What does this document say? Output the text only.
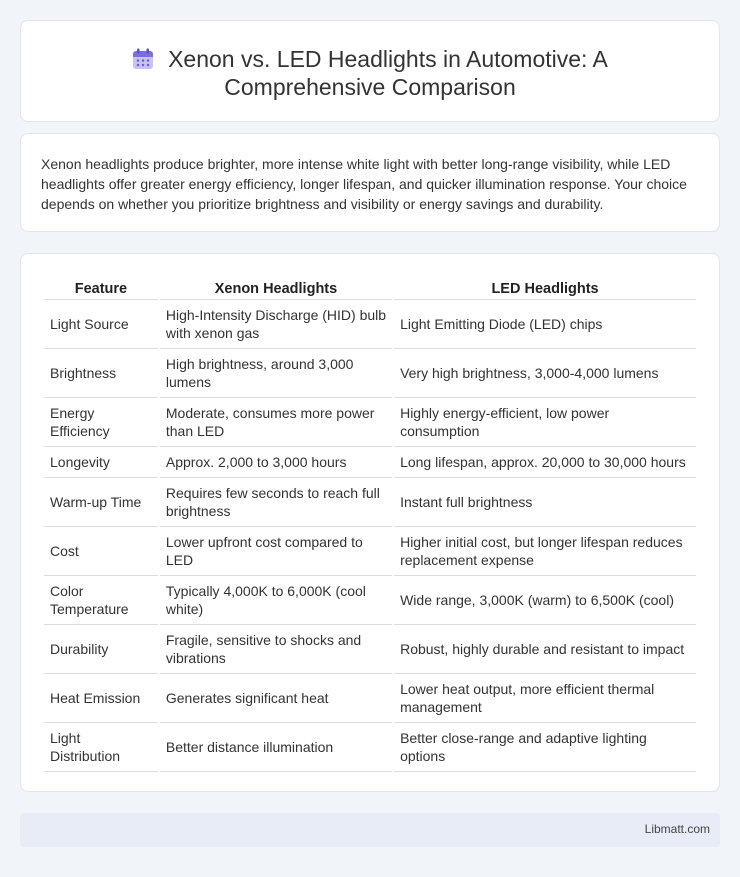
Xenon vs. LED Headlights in Automotive: A
Comprehensive Comparison

Xenon headlights produce brighter, more intense white light with better long-range visibility, while LED headlights offer greater energy efficiency, longer lifespan, and quicker illumination response. Your choice depends on whether you prioritize brightness and visibility or energy savings and durability.

Feature	Xenon Headlights	LED Headlights
Light Source	High-Intensity Discharge (HID) bulb with xenon gas	Light Emitting Diode (LED) chips
Brightness	High brightness, around 3,000 lumens	Very high brightness, 3,000-4,000 lumens
Energy Efficiency	Moderate, consumes more power than LED	Highly energy-efficient, low power consumption
Longevity	Approx. 2,000 to 3,000 hours	Long lifespan, approx. 20,000 to 30,000 hours
Warm-up Time	Requires few seconds to reach full brightness	Instant full brightness
Cost	Lower upfront cost compared to LED	Higher initial cost, but longer lifespan reduces replacement expense
Color Temperature	Typically 4,000K to 6,000K (cool white)	Wide range, 3,000K (warm) to 6,500K (cool)
Durability	Fragile, sensitive to shocks and vibrations	Robust, highly durable and resistant to impact
Heat Emission	Generates significant heat	Lower heat output, more efficient thermal management
Light Distribution	Better distance illumination	Better close-range and adaptive lighting options
Libmatt.com
